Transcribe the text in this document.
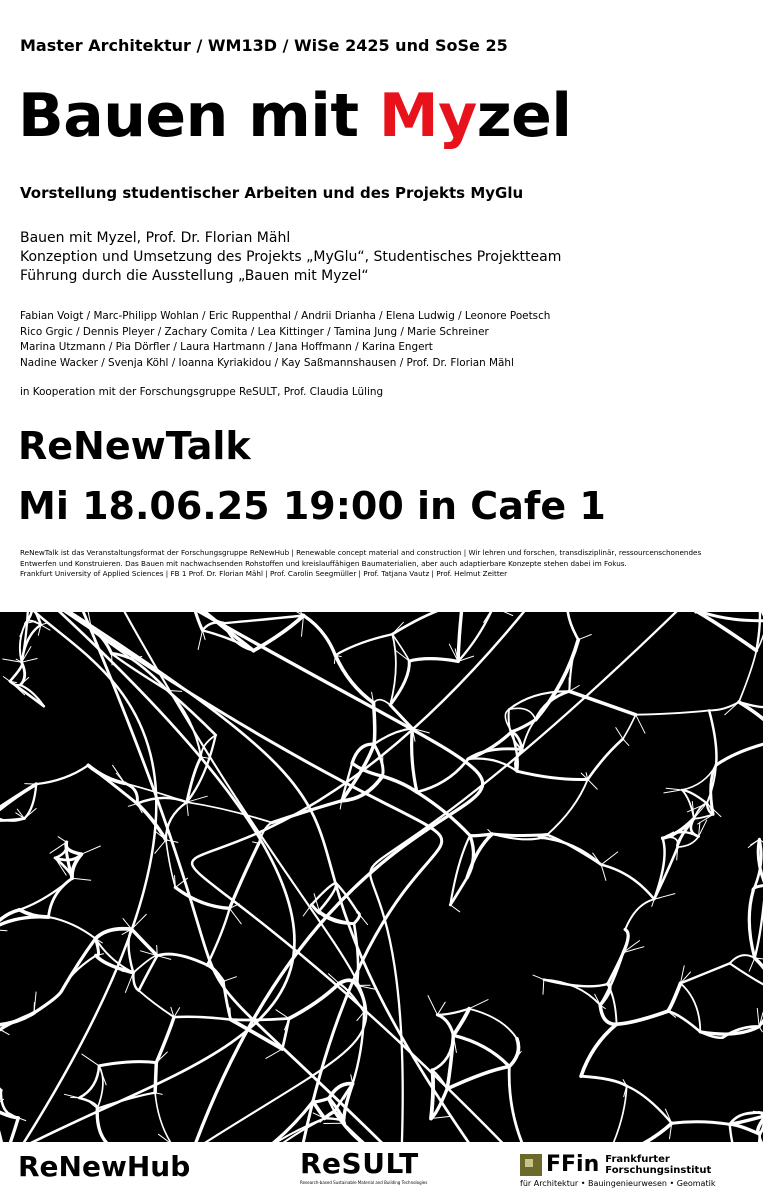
Master Architektur / WM13D / WiSe 2425 und SoSe 25
Bauen mit Myzel
Vorstellung studentischer Arbeiten und des Projekts MyGlu
Bauen mit Myzel, Prof. Dr. Florian Mähl
Konzeption und Umsetzung des Projekts „MyGlu“, Studentisches Projektteam
Führung durch die Ausstellung „Bauen mit Myzel“
Fabian Voigt / Marc-Philipp Wohlan / Eric Ruppenthal / Andrii Drianha / Elena Ludwig / Leonore Poetsch
Rico Grgic / Dennis Pleyer / Zachary Comita / Lea Kittinger / Tamina Jung / Marie Schreiner
Marina Utzmann / Pia Dörfler / Laura Hartmann / Jana Hoffmann / Karina Engert
Nadine Wacker / Svenja Köhl / Ioanna Kyriakidou / Kay Saßmannshausen / Prof. Dr. Florian Mähl
in Kooperation mit der Forschungsgruppe ReSULT, Prof. Claudia Lüling
ReNewTalk
Mi 18.06.25 19:00 in Cafe 1

ReNewTalk ist das Veranstaltungsformat der Forschungsgruppe ReNewHub | Renewable concept material and construction | Wir lehren und forschen, transdisziplinär, ressourcenschonendes Entwerfen und Konstruieren. Das Bauen mit nachwachsenden Rohstoffen und kreislauffähigen Baumaterialien, aber auch adaptierbare Konzepte stehen dabei im Fokus.

Frankfurt University of Applied Sciences | FB 1 Prof. Dr. Florian Mähl | Prof. Carolin Seegmüller | Prof. Tatjana Vautz | Prof. Helmut Zeitter

ReNewHub	ReSULT
Research-based Sustainable Material and Building Technologies
FFin Frankfurter
Forschungsinstitut
für Architektur • Bauingenieurwesen • Geomatik
